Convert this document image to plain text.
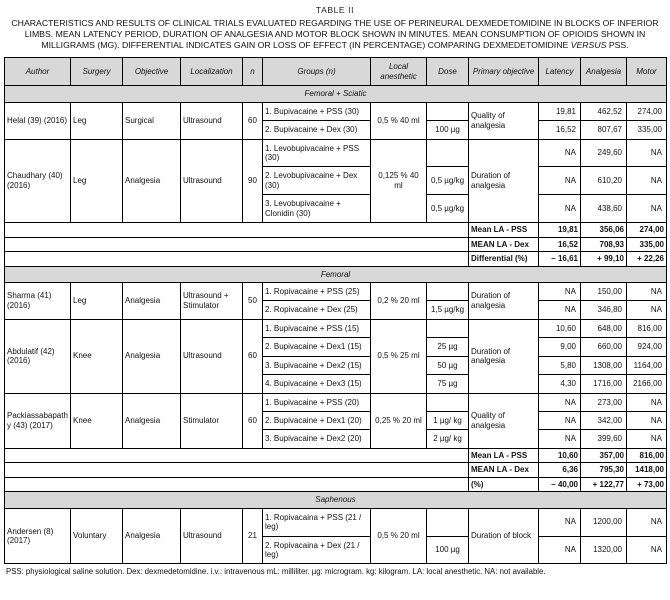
TABLE II
CHARACTERISTICS AND RESULTS OF CLINICAL TRIALS EVALUATED REGARDING THE USE OF PERINEURAL DEXMEDETOMIDINE IN BLOCKS OF INFERIOR LIMBS. MEAN LATENCY PERIOD, DURATION OF ANALGESIA AND MOTOR BLOCK SHOWN IN MINUTES. MEAN CONSUMPTION OF OPIOIDS SHOWN IN MILLIGRAMS (MG). DIFFERENTIAL INDICATES GAIN OR LOSS OF EFFECT (IN PERCENTAGE) COMPARING DEXMEDETOMIDINE VERSUS PSS.
Author	Surgery	Objective	Localization	n	Groups (n)	Local anesthetic	Dose	Primary objective	Latency	Analgesia	Motor
Femoral + Sciatic											
Helal (39) (2016)	Leg	Surgical	Ultrasound	60	1. Bupivacaine + PSS (30)	0,5 % 40 ml		Quality of analgesia	19,81	462,52	274,00
					2. Bupivacaine + Dex (30)		100 µg		16,52	807,67	335,00
Chaudhary (40) (2016)	Leg	Analgesia	Ultrasound	90	1. Levobupivacaine + PSS (30)	0,125 % 40 ml		Duration of analgesia	NA	249,60	NA
					2. Levobupivacaine + Dex (30)		0,5 µg/kg		NA	610,20	NA
					3. Levobupivacaine + Clonidin (30)		0,5 µg/kg		NA	438,60	NA
								Mean LA - PSS	19,81	356,06	274,00
								MEAN LA - Dex	16,52	708,93	335,00
								Differential (%)	– 16,61	+ 99,10	+ 22,26
Femoral											
Sharma (41) (2016)	Leg	Analgesia	Ultrasound + Stimulator	50	1. Ropivacaine + PSS (25)	0,2 % 20 ml		Duration of analgesia	NA	150,00	NA
					2. Ropivacaine + Dex (25)		1,5 µg/kg		NA	346,80	NA
Abdulatif (42) (2016)	Knee	Analgesia	Ultrasound	60	1. Bupivacaine + PSS (15)	0,5 % 25 ml		Duration of analgesia	10,60	648,00	816,00
					2. Bupivacaine + Dex1 (15)		25 µg		9,00	660,00	924,00
					3. Bupivacaine + Dex2 (15)		50 µg		5,80	1308,00	1164,00
					4. Bupivacaine + Dex3 (15)		75 µg		4,30	1716,00	2166,00
Packiassabapathy (43) (2017)	Knee	Analgesia	Stimulator	60	1. Bupivacaine + PSS (20)	0,25 % 20 ml		Quality of analgesia	NA	273,00	NA
					2. Bupivacaine + Dex1 (20)		1 µg/ kg		NA	342,00	NA
					3. Bupivacaine + Dex2 (20)		2 µg/ kg		NA	399,60	NA
								Mean LA - PSS	10,60	357,00	816,00
								MEAN LA - Dex	6,36	795,30	1418,00
								(%)	– 40,00	+ 122,77	+ 73,00
Saphenous											
Andersen (8) (2017)	Voluntary	Analgesia	Ultrasound	21	1. Ropivacaina + PSS (21 / leg)	0,5 % 20 ml		Duration of block	NA	1200,00	NA
					2. Ropivacaina + Dex (21 / leg)		100 µg		NA	1320,00	NA
PSS: physiological saline solution. Dex: dexmedetomidine. i.v.: intravenous mL: milliliter. µg: microgram. kg: kilogram. LA: local anesthetic. NA: not available.
